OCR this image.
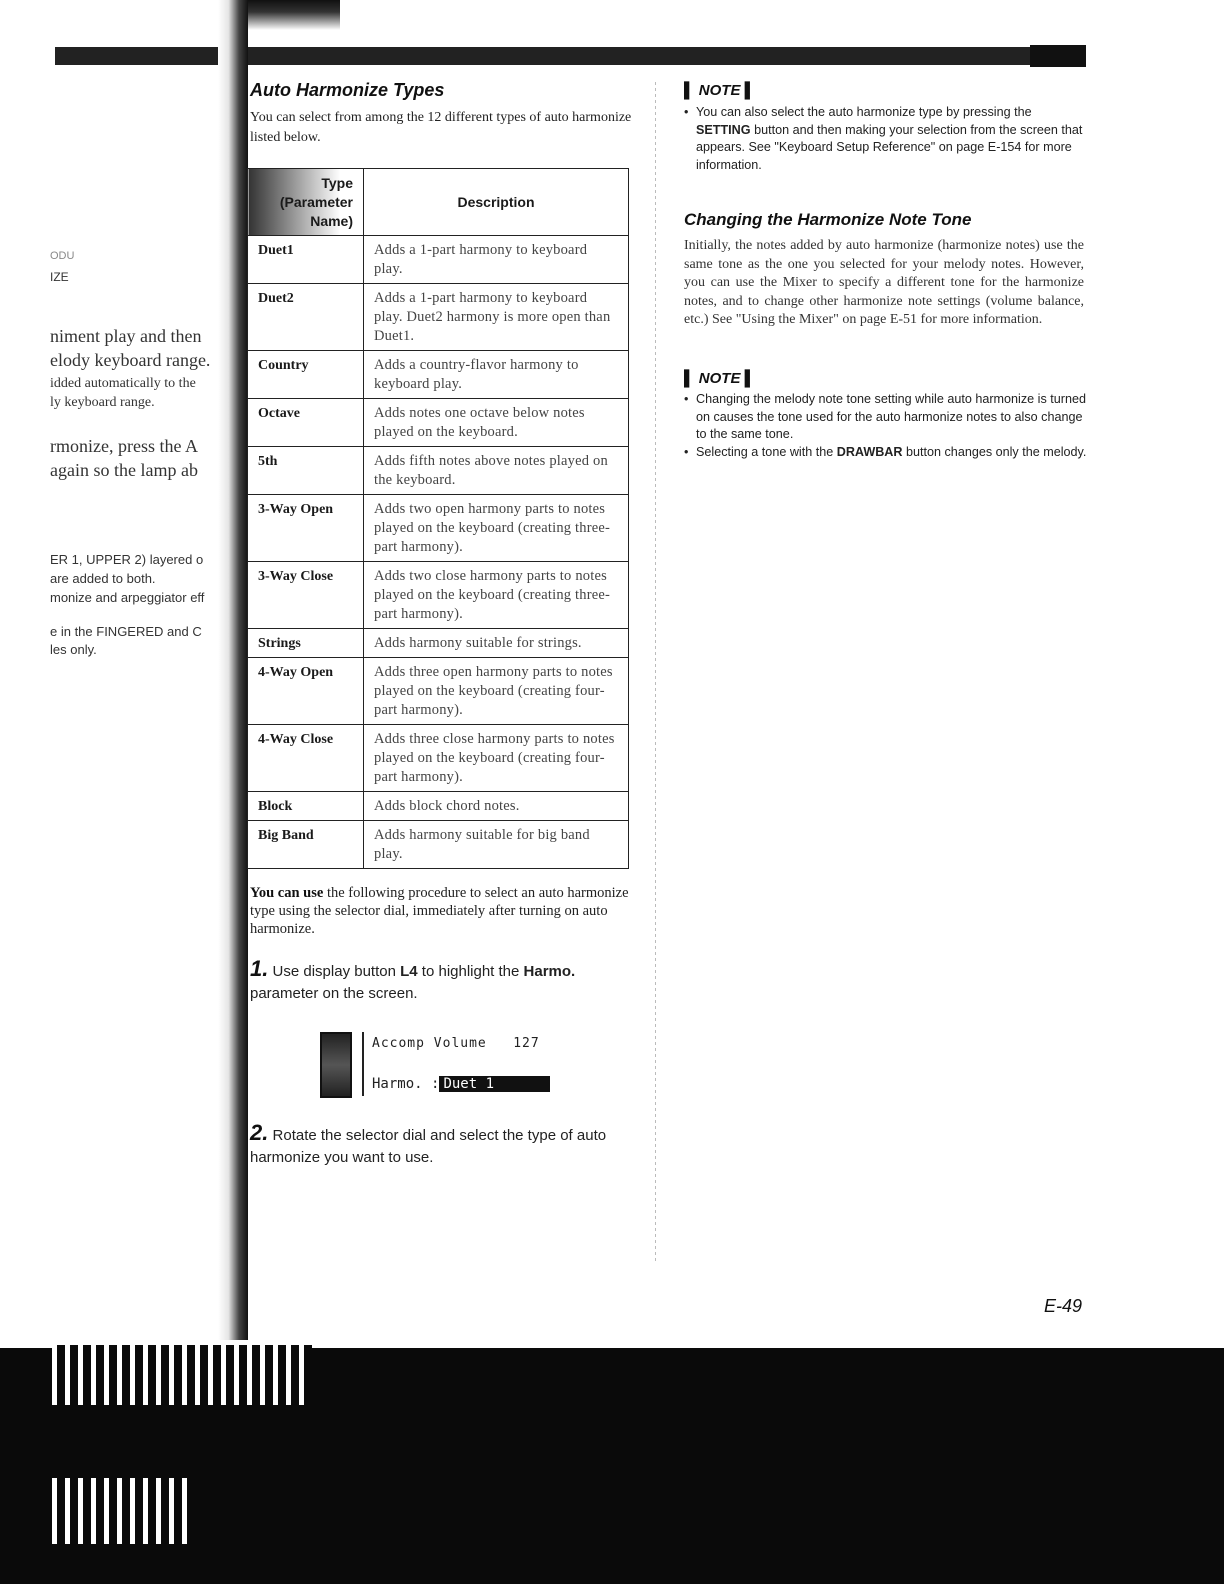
ODU
IZE
niment play and then
elody keyboard range.
idded automatically to the
ly keyboard range.
rmonize, press the A
again so the lamp ab
ER 1, UPPER 2) layered o
are added to both.
monize and arpeggiator eff
e in the FINGERED and C
les only.
Auto Harmonize Types
You can select from among the 12 different types of auto harmonize listed below.
Type (Parameter Name)	Description
Duet1	Adds a 1-part harmony to keyboard play.
Duet2	Adds a 1-part harmony to keyboard play. Duet2 harmony is more open than Duet1.
Country	Adds a country-flavor harmony to keyboard play.
Octave	Adds notes one octave below notes played on the keyboard.
5th	Adds fifth notes above notes played on the keyboard.
3-Way Open	Adds two open harmony parts to notes played on the keyboard (creating three-part harmony).
3-Way Close	Adds two close harmony parts to notes played on the keyboard (creating three-part harmony).
Strings	Adds harmony suitable for strings.
4-Way Open	Adds three open harmony parts to notes played on the keyboard (creating four-part harmony).
4-Way Close	Adds three close harmony parts to notes played on the keyboard (creating four-part harmony).
Block	Adds block chord notes.
Big Band	Adds harmony suitable for big band play.
You can use the following procedure to select an auto harmonize type using the selector dial, immediately after turning on auto harmonize.
1. Use display button L4 to highlight the Harmo. parameter on the screen.
Accomp Volume   127
Harmo. : Duet 1
2. Rotate the selector dial and select the type of auto harmonize you want to use.
▌ NOTE ▌
• You can also select the auto harmonize type by pressing the SETTING button and then making your selection from the screen that appears. See "Keyboard Setup Reference" on page E-154 for more information.
Changing the Harmonize Note Tone
Initially, the notes added by auto harmonize (harmonize notes) use the same tone as the one you selected for your melody notes. However, you can use the Mixer to specify a different tone for the harmonize notes, and to change other harmonize note settings (volume balance, etc.) See "Using the Mixer" on page E-51 for more information.
▌ NOTE ▌
• Changing the melody note tone setting while auto harmonize is turned on causes the tone used for the auto harmonize notes to also change to the same tone.
• Selecting a tone with the DRAWBAR button changes only the melody.
E-49
